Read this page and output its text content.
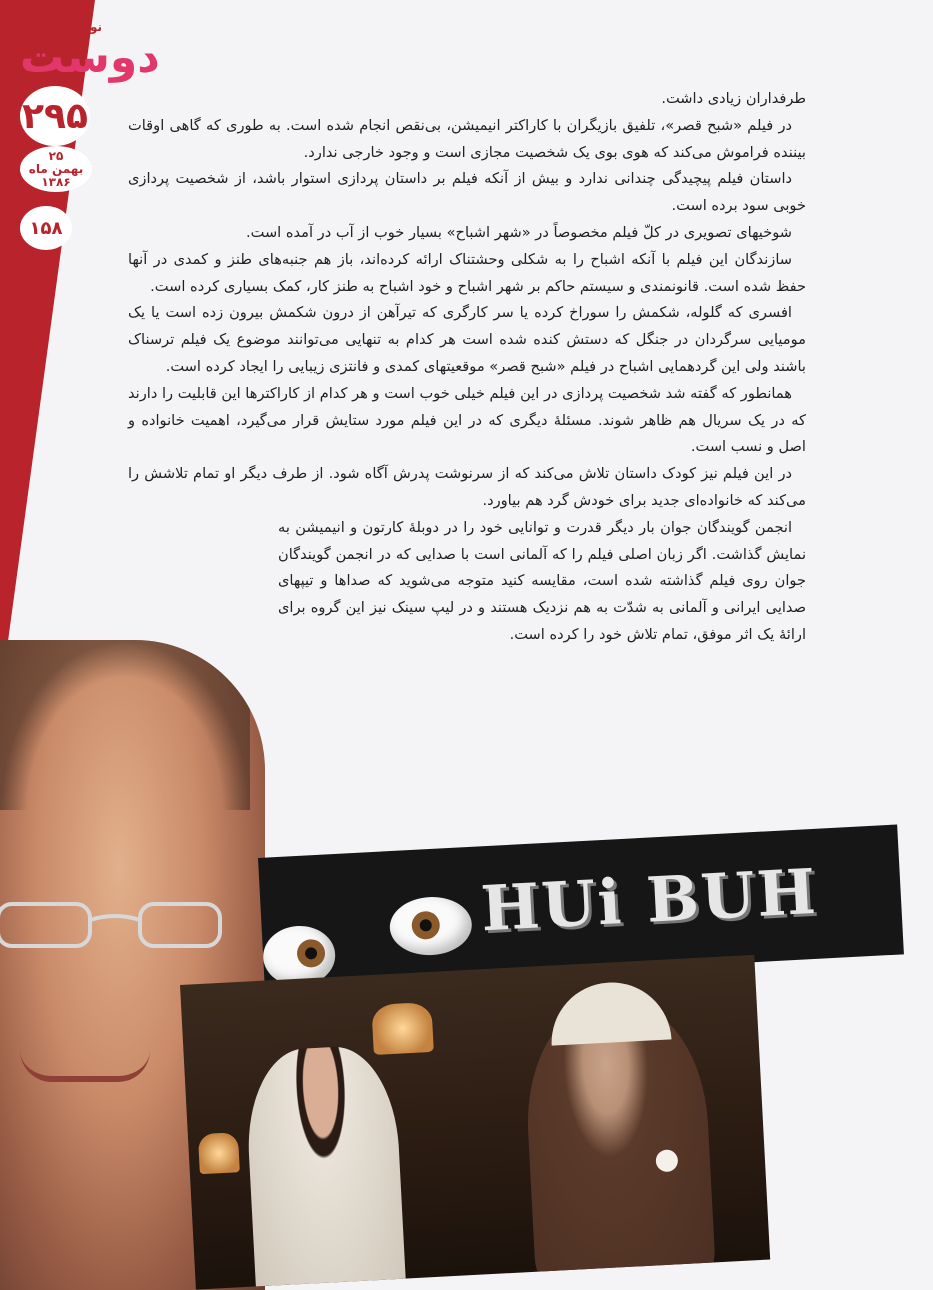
نوجوانان
دوست
۲۹۵
۲۵
بهمن ماه
۱۳۸۶
۱۵۸

طرفداران زیادی داشت.

در فیلم «شبح قصر»، تلفیق بازیگران با کاراکتر انیمیشن، بی‌نقص انجام شده است. به طوری که گاهی اوقات بیننده فراموش می‌کند که هوی بوی یک شخصیت مجازی است و وجود خارجی ندارد.

داستان فیلم پیچیدگی چندانی ندارد و بیش از آنکه فیلم بر داستان پردازی استوار باشد، از شخصیت پردازی خوبی سود برده است.

شوخیهای تصویری در کلّ فیلم مخصوصاً در «شهر اشباح» بسیار خوب از آب در آمده است.

سازندگان این فیلم با آنکه اشباح را به شکلی وحشتناک ارائه کرده‌اند، باز هم جنبه‌های طنز و کمدی در آنها حفظ شده است. قانونمندی و سیستم حاکم بر شهر اشباح و خود اشباح به طنز کار، کمک بسیاری کرده است.

افسری که گلوله، شکمش را سوراخ کرده یا سر کارگری که تیرآهن از درون شکمش بیرون زده است یا یک مومیایی سرگردان در جنگل که دستش کنده شده است هر کدام به تنهایی می‌توانند موضوع یک فیلم ترسناک باشند ولی این گردهمایی اشباح در فیلم «شبح قصر» موقعیتهای کمدی و فانتزی زیبایی را ایجاد کرده است.

همانطور که گفته شد شخصیت پردازی در این فیلم خیلی خوب است و هر کدام از کاراکترها این قابلیت را دارند که در یک سریال هم ظاهر شوند. مسئلهٔ دیگری که در این فیلم مورد ستایش قرار می‌گیرد، اهمیت خانواده و اصل و نسب است.

در این فیلم نیز کودک داستان تلاش می‌کند که از سرنوشت پدرش آگاه شود. از طرف دیگر او تمام تلاشش را می‌کند که خانواده‌ای جدید برای خودش گرد هم بیاورد.

انجمن گویندگان جوان بار دیگر قدرت و توانایی خود را در دوبلهٔ کارتون و انیمیشن به نمایش گذاشت. اگر زبان اصلی فیلم را که آلمانی است با صدایی که در انجمن گویندگان جوان روی فیلم گذاشته شده است، مقایسه کنید متوجه می‌شوید که صداها و تیپهای صدایی ایرانی و آلمانی به شدّت به هم نزدیک هستند و در لیپ سینک نیز این گروه برای ارائهٔ یک اثر موفق، تمام تلاش خود را کرده است.

HUi BUH
